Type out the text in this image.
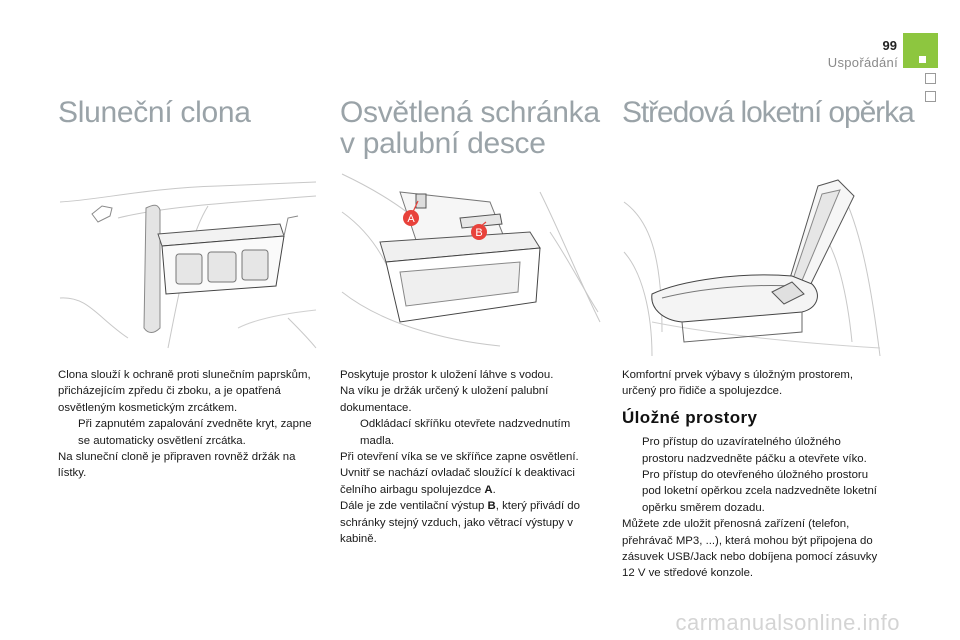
99
Uspořádání
Sluneční clona

Clona slouží k ochraně proti slunečním paprskům, přicházejícím zpředu či zboku, a je opatřená osvětleným kosmetickým zrcátkem.

Při zapnutém zapalování zvedněte kryt, zapne se automaticky osvětlení zrcátka.

Na sluneční cloně je připraven rovněž držák na lístky.

Osvětlená schránka
v palubní desce
A
B

Poskytuje prostor k uložení láhve s vodou.

Na víku je držák určený k uložení palubní dokumentace.

Odkládací skříňku otevřete nadzvednutím madla.

Při otevření víka se ve skříňce zapne osvětlení.

Uvnitř se nachází ovladač sloužící k deaktivaci čelního airbagu spolujezdce A.

Dále je zde ventilační výstup B, který přivádí do schránky stejný vzduch, jako větrací výstupy v kabině.

Středová loketní opěrka

Komfortní prvek výbavy s úložným prostorem, určený pro řidiče a spolujezdce.

Úložné prostory

Pro přístup do uzavíratelného úložného prostoru nadzvedněte páčku a otevřete víko.

Pro přístup do otevřeného úložného prostoru pod loketní opěrkou zcela nadzvedněte loketní opěrku směrem dozadu.

Můžete zde uložit přenosná zařízení (telefon, přehrávač MP3, ...), která mohou být připojena do zásuvek USB/Jack nebo dobíjena pomocí zásuvky 12 V ve středové konzole.

carmanualsonline.info
